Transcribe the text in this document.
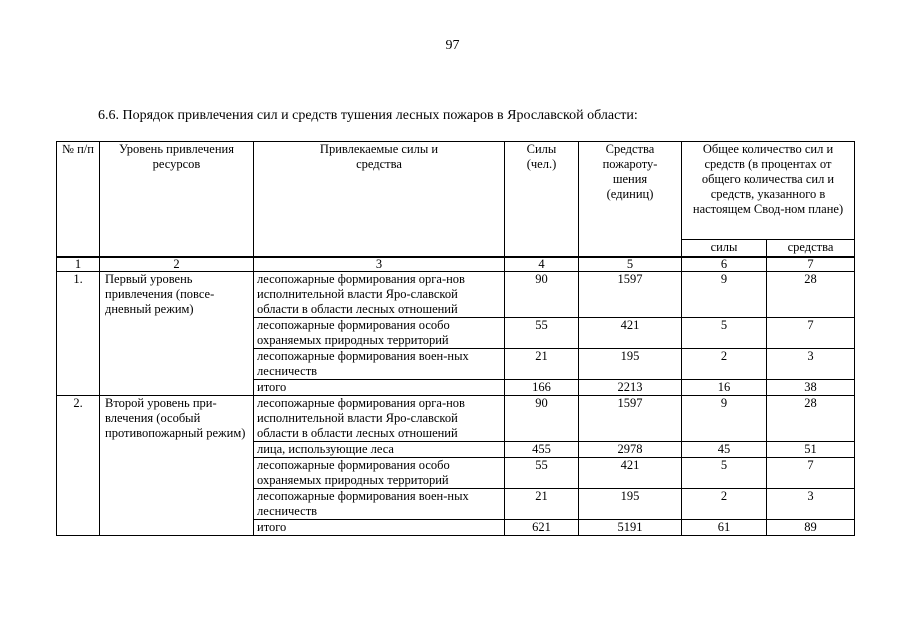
97
6.6. Порядок привлечения сил и средств тушения лесных пожаров в Ярославской области:
№ п/п	Уровень привлечения ресурсов	Привлекаемые силы и средства	Силы (чел.)	Средства пожароту-шения (единиц)	Общее количество сил и средств (в процентах от общего количества сил и средств, указанного в настоящем Свод-ном плане)	
					силы	средства
1	2	3	4	5	6	7
1.	Первый уровень привлечения (повсе-дневный режим)	лесопожарные формирования орга-нов исполнительной власти Яро-славской области в области лесных отношений	90	1597	9	28
		лесопожарные формирования особо охраняемых природных территорий	55	421	5	7
		лесопожарные формирования воен-ных лесничеств	21	195	2	3
		итого	166	2213	16	38
2.	Второй уровень при-влечения (особый противопожарный режим)	лесопожарные формирования орга-нов исполнительной власти Яро-славской области в области лесных отношений	90	1597	9	28
		лица, использующие леса	455	2978	45	51
		лесопожарные формирования особо охраняемых природных территорий	55	421	5	7
		лесопожарные формирования воен-ных лесничеств	21	195	2	3
		итого	621	5191	61	89
